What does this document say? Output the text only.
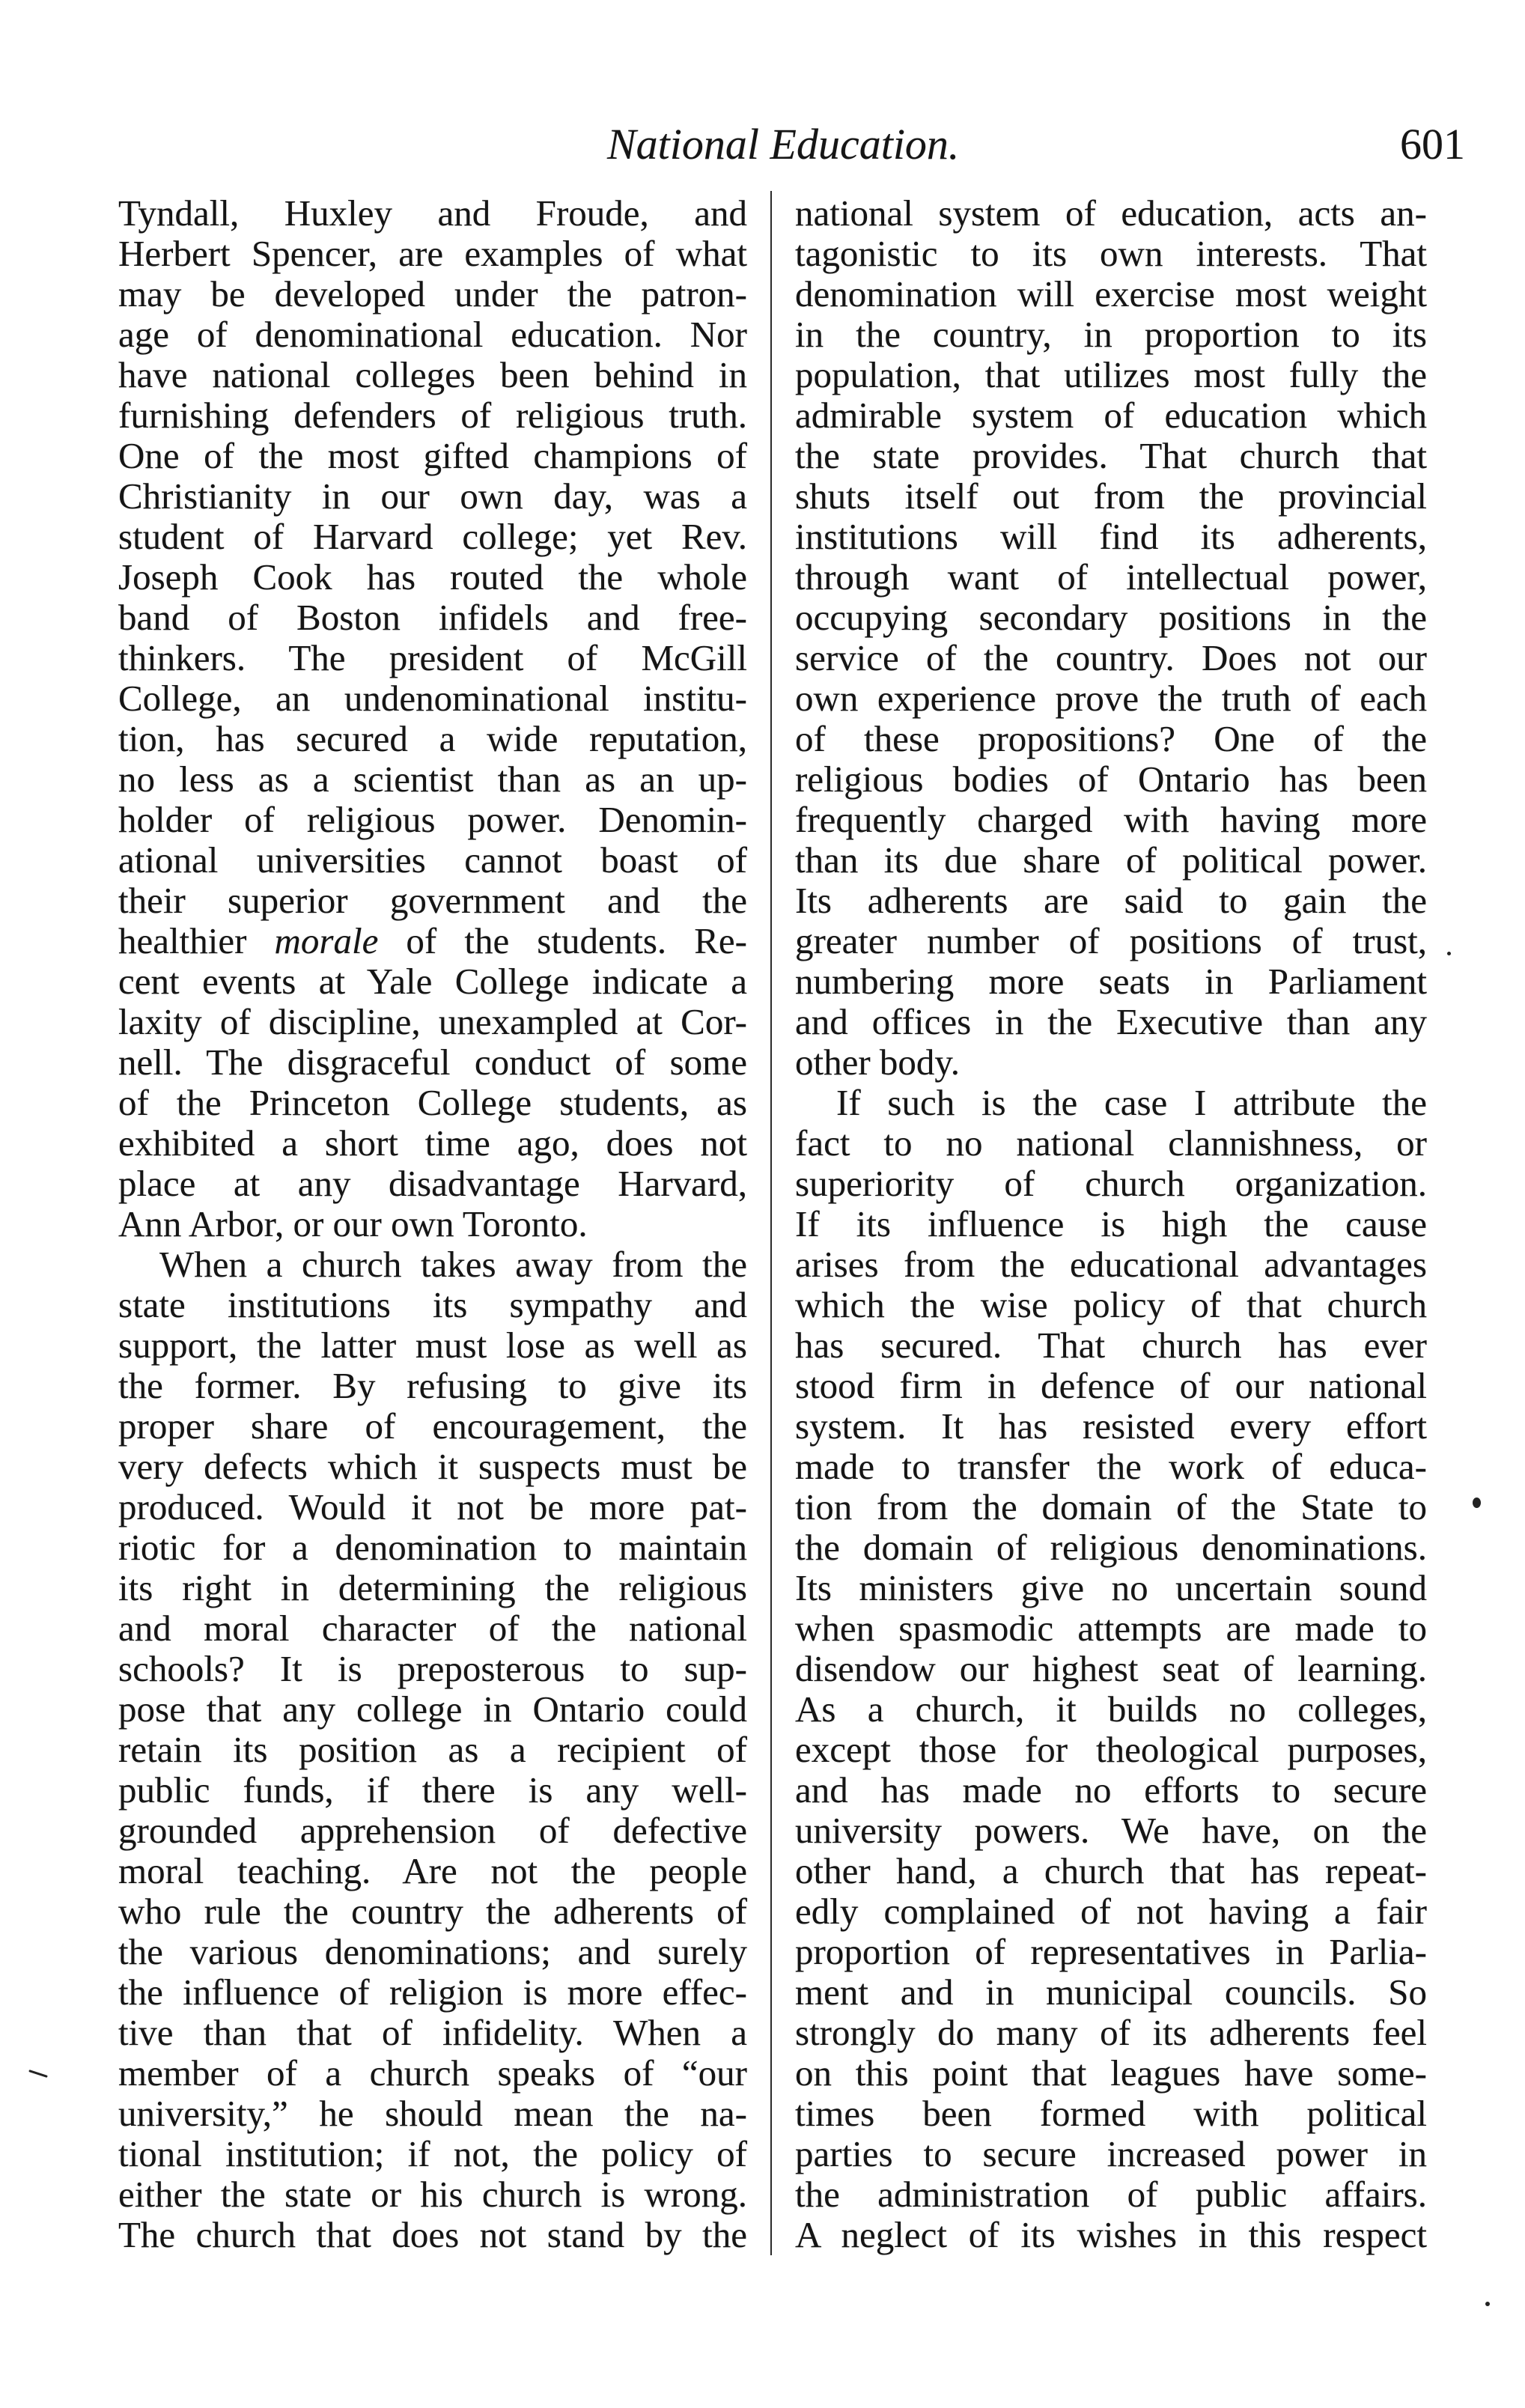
National Education.	601
Tyndall, Huxley and Froude, and
Herbert Spencer, are examples of what
may be developed under the patron-
age of denominational education. Nor
have national colleges been behind in
furnishing defenders of religious truth.
One of the most gifted champions of
Christianity in our own day, was a
student of Harvard college; yet Rev.
Joseph Cook has routed the whole
band of Boston infidels and free-
thinkers. The president of McGill
College, an undenominational institu-
tion, has secured a wide reputation,
no less as a scientist than as an up-
holder of religious power. Denomin-
ational universities cannot boast of
their superior government and the
healthier morale of the students. Re-
cent events at Yale College indicate a
laxity of discipline, unexampled at Cor-
nell. The disgraceful conduct of some
of the Princeton College students, as
exhibited a short time ago, does not
place at any disadvantage Harvard,
Ann Arbor, or our own Toronto.
When a church takes away from the
state institutions its sympathy and
support, the latter must lose as well as
the former. By refusing to give its
proper share of encouragement, the
very defects which it suspects must be
produced. Would it not be more pat-
riotic for a denomination to maintain
its right in determining the religious
and moral character of the national
schools? It is preposterous to sup-
pose that any college in Ontario could
retain its position as a recipient of
public funds, if there is any well-
grounded apprehension of defective
moral teaching. Are not the people
who rule the country the adherents of
the various denominations; and surely
the influence of religion is more effec-
tive than that of infidelity. When a
member of a church speaks of “our
university,” he should mean the na-
tional institution; if not, the policy of
either the state or his church is wrong.
The church that does not stand by the
national system of education, acts an-
tagonistic to its own interests. That
denomination will exercise most weight
in the country, in proportion to its
population, that utilizes most fully the
admirable system of education which
the state provides. That church that
shuts itself out from the provincial
institutions will find its adherents,
through want of intellectual power,
occupying secondary positions in the
service of the country. Does not our
own experience prove the truth of each
of these propositions? One of the
religious bodies of Ontario has been
frequently charged with having more
than its due share of political power.
Its adherents are said to gain the
greater number of positions of trust,
numbering more seats in Parliament
and offices in the Executive than any
other body.
If such is the case I attribute the
fact to no national clannishness, or
superiority of church organization.
If its influence is high the cause
arises from the educational advantages
which the wise policy of that church
has secured. That church has ever
stood firm in defence of our national
system. It has resisted every effort
made to transfer the work of educa-
tion from the domain of the State to
the domain of religious denominations.
Its ministers give no uncertain sound
when spasmodic attempts are made to
disendow our highest seat of learning.
As a church, it builds no colleges,
except those for theological purposes,
and has made no efforts to secure
university powers. We have, on the
other hand, a church that has repeat-
edly complained of not having a fair
proportion of representatives in Parlia-
ment and in municipal councils. So
strongly do many of its adherents feel
on this point that leagues have some-
times been formed with political
parties to secure increased power in
the administration of public affairs.
A neglect of its wishes in this respect
